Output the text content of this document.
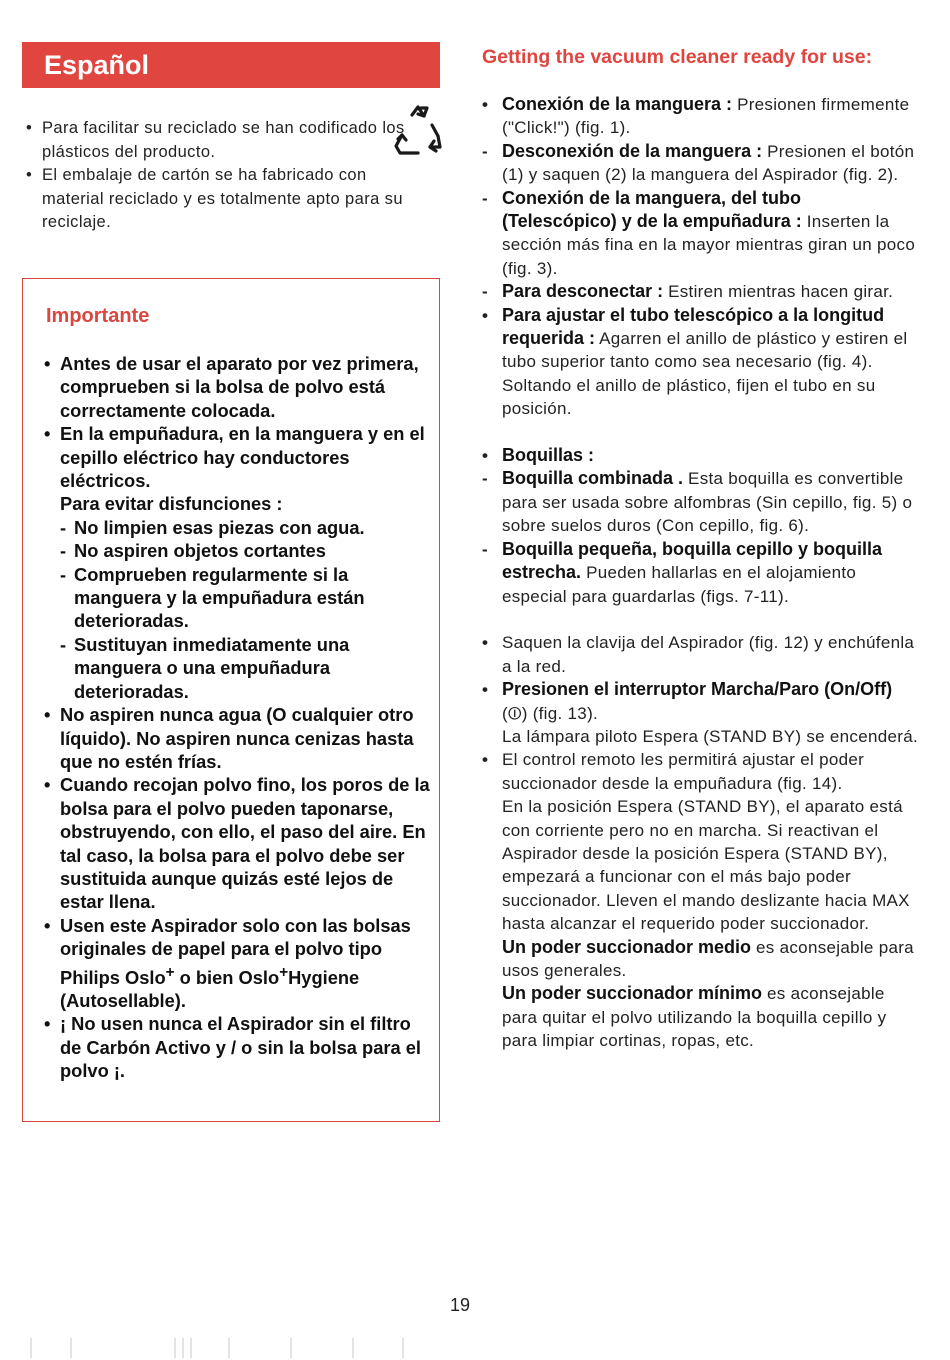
Español
• Para facilitar su reciclado se han codificado los plásticos del producto.
• El embalaje de cartón se ha fabricado con material reciclado y es totalmente apto para su reciclaje.
Importante
• Antes de usar el aparato por vez primera, comprueben si la bolsa de polvo está correctamente colocada.
• En la empuñadura, en la manguera y en el cepillo eléctrico hay conductores eléctricos.
Para evitar disfunciones :
- No limpien esas piezas con agua.
- No aspiren objetos cortantes
- Comprueben regularmente si la manguera y la empuñadura están deterioradas.
- Sustituyan inmediatamente una manguera o una empuñadura deterioradas.
• No aspiren nunca agua (O cualquier otro líquido). No aspiren nunca cenizas hasta que no estén frías.
• Cuando recojan polvo fino, los poros de la bolsa para el polvo pueden taponarse, obstruyendo, con ello, el paso del aire. En tal caso, la bolsa para el polvo debe ser sustituida aunque quizás esté lejos de estar llena.
• Usen este Aspirador solo con las bolsas originales de papel para el polvo tipo Philips Oslo+ o bien Oslo+Hygiene (Autosellable).
• ¡ No usen nunca el Aspirador sin el filtro de Carbón Activo y / o sin la bolsa para el polvo ¡.
Getting the vacuum cleaner ready for use:
• Conexión de la manguera : Presionen firmemente ("Click!") (fig. 1).
- Desconexión de la manguera : Presionen el botón (1) y saquen (2) la manguera del Aspirador (fig. 2).
- Conexión de la manguera, del tubo (Telescópico) y de la empuñadura : Inserten la sección más fina en la mayor mientras giran un poco (fig. 3).
- Para desconectar : Estiren mientras hacen girar.
• Para ajustar el tubo telescópico a la longitud requerida : Agarren el anillo de plástico y estiren el tubo superior tanto como sea necesario (fig. 4). Soltando el anillo de plástico, fijen el tubo en su posición.
• Boquillas :
- Boquilla combinada . Esta boquilla es convertible para ser usada sobre alfombras (Sin cepillo, fig. 5) o sobre suelos duros (Con cepillo, fig. 6).
- Boquilla pequeña, boquilla cepillo y boquilla estrecha. Pueden hallarlas en el alojamiento especial para guardarlas (figs. 7-11).
• Saquen la clavija del Aspirador (fig. 12) y enchúfenla a la red.
• Presionen el interruptor Marcha/Paro (On/Off) (⏼) (fig. 13).
La lámpara piloto Espera (STAND BY) se encenderá.
• El control remoto les permitirá ajustar el poder succionador desde la empuñadura (fig. 14).
En la posición Espera (STAND BY), el aparato está con corriente pero no en marcha. Si reactivan el Aspirador desde la posición Espera (STAND BY), empezará a funcionar con el más bajo poder succionador. Lleven el mando deslizante hacia MAX hasta alcanzar el requerido poder succionador.
Un poder succionador medio es aconsejable para usos generales.
Un poder succionador mínimo es aconsejable para quitar el polvo utilizando la boquilla cepillo y para limpiar cortinas, ropas, etc.
19
